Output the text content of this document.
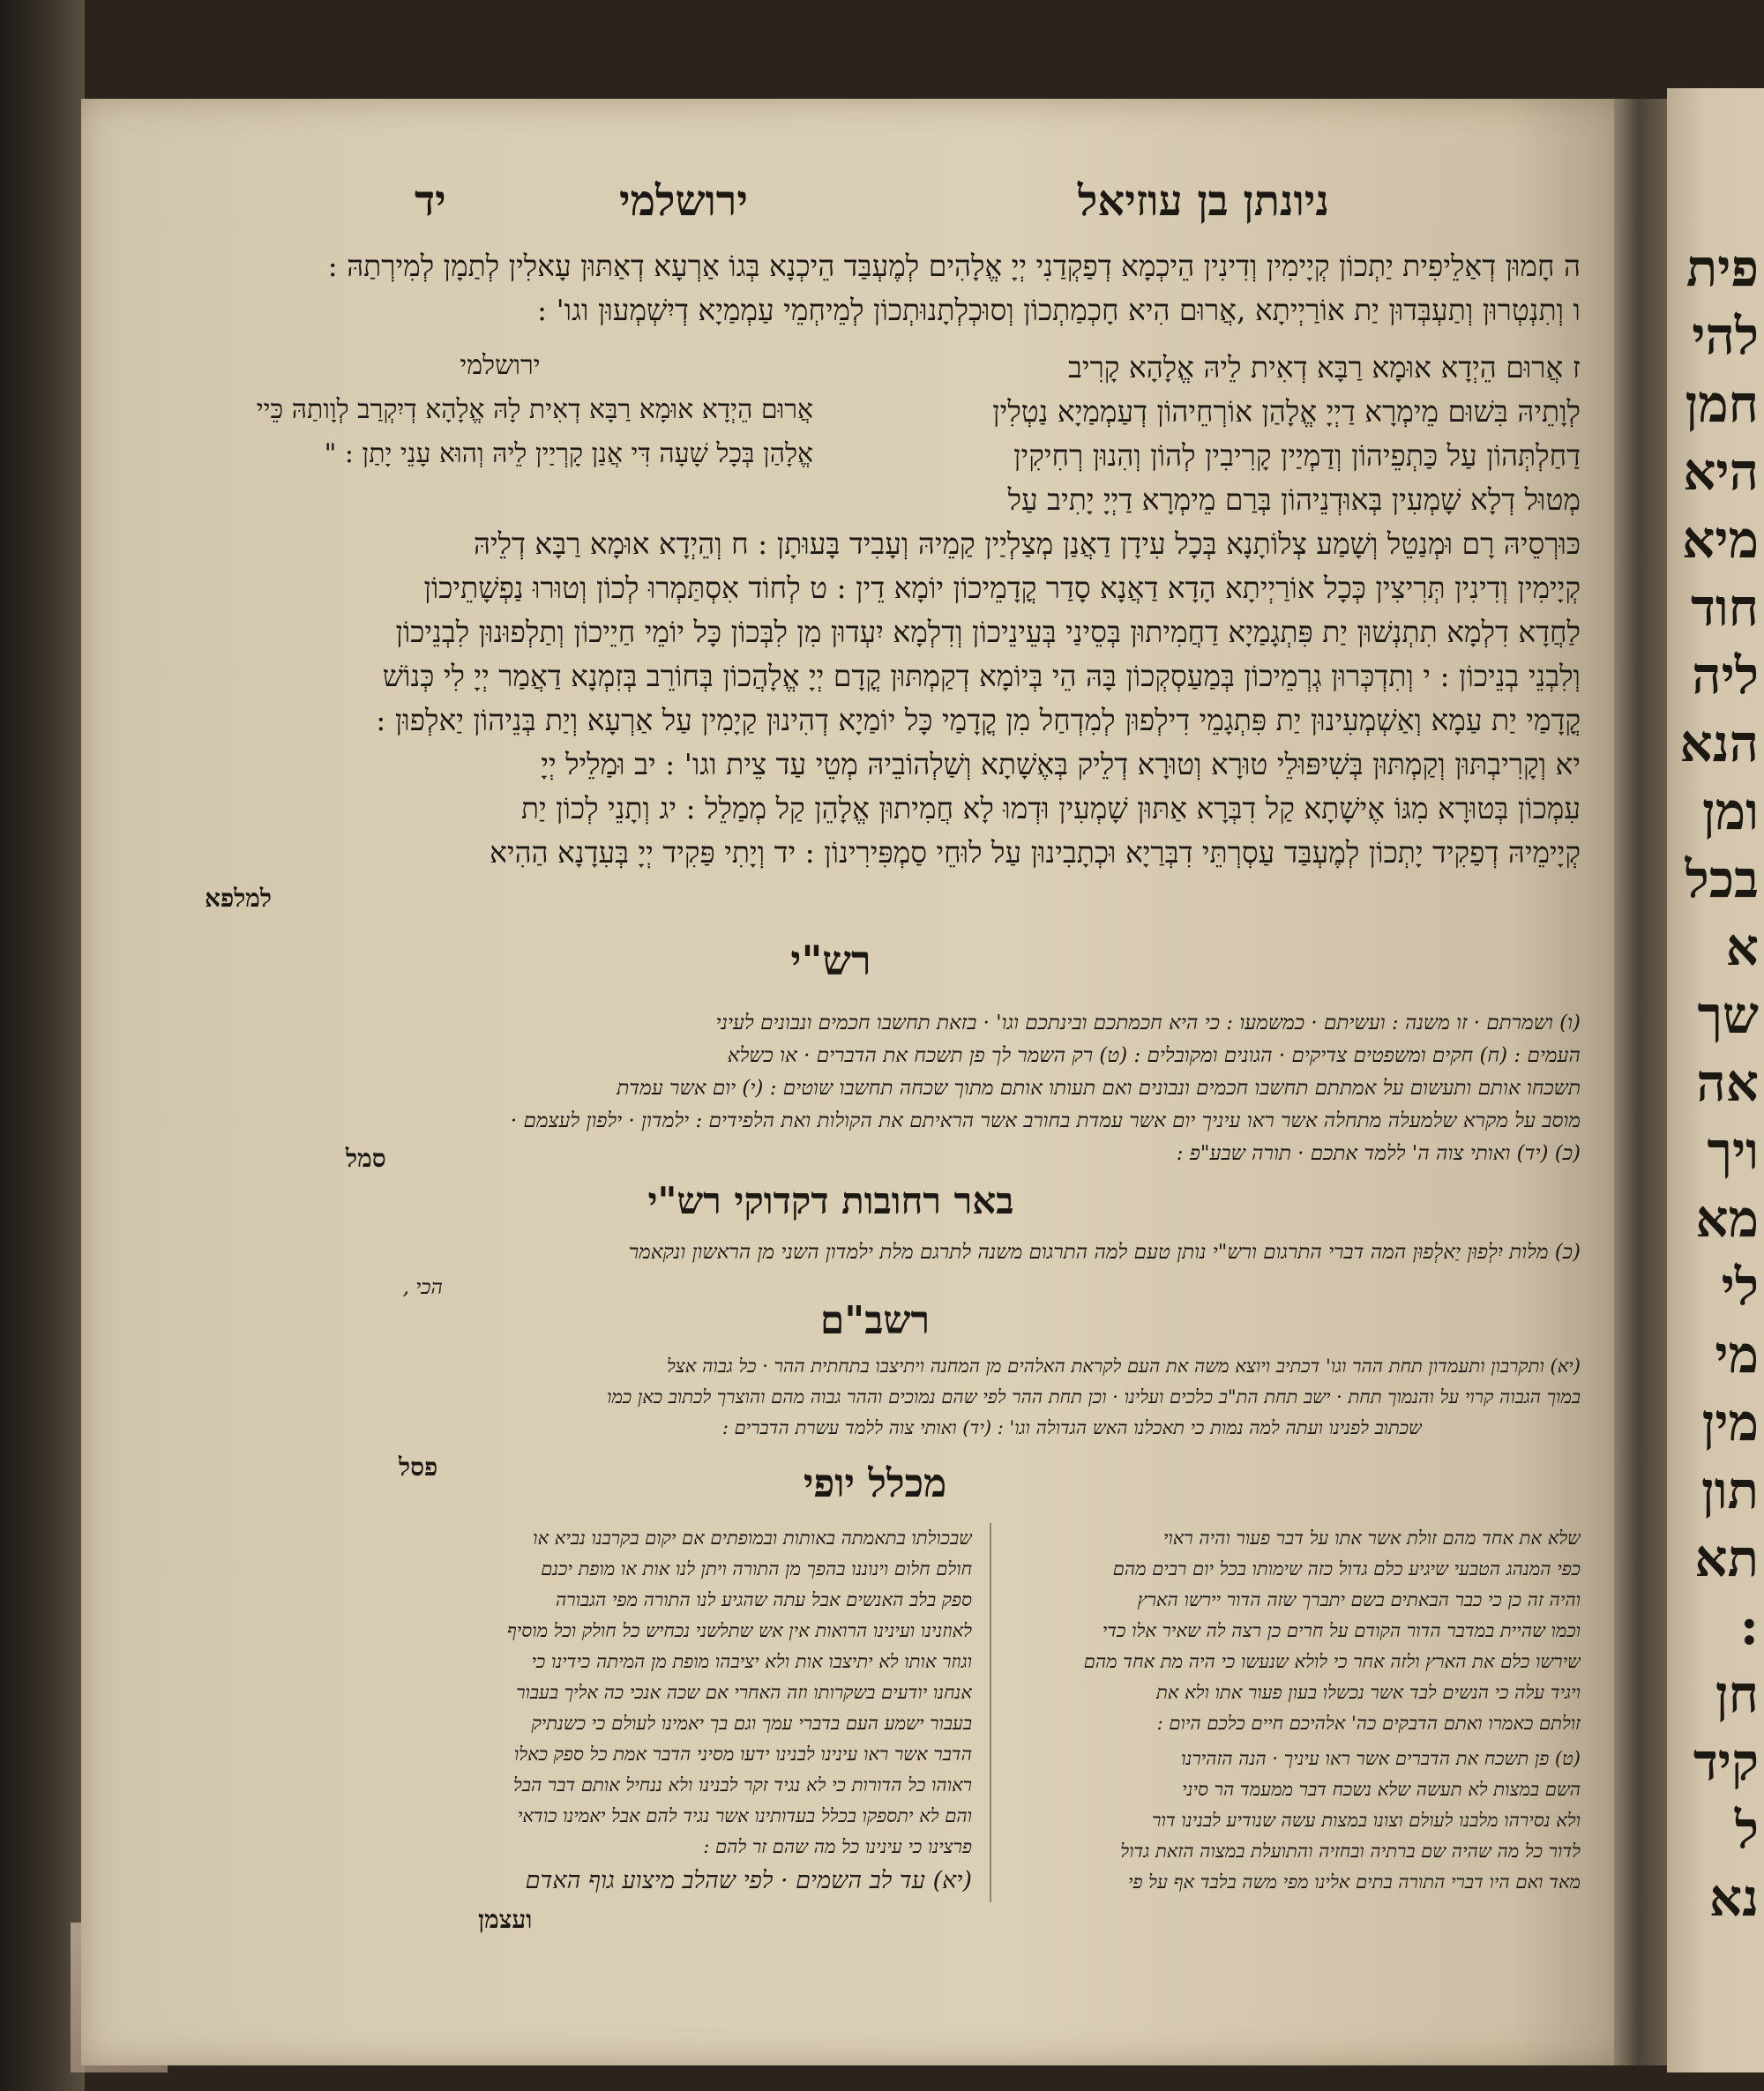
ניונתן בן עוזיאל
ירושלמי
יד
ה חָמוּן דְאַלֵיפִית יַתְכוֹן קְיָימִין וְדִינִין הֵיכְמָא דְפַקְדַנִי יְיָ אֱלָהִים לְמֶעְבַּד הֵיכְנָא בְּגוֹ אַרְעָא דְאַתּוּן עָאלִין לְתַמָן לְמִירְתַהּ :
ו וְתִנְטְרוּן וְתַעְבְּדוּן יַת אוֹרַיְיתָא ,אֲרוּם הִיא חָכְמַתְכוֹן וְסוּכְלְתָנוּתְכוֹן לְמֵיחְמֵי עַמְמַיָא דְיִשְׁמְעוּן וגו' :
ירושלמי
אֲרוּם הֵיְדָא אוּמָא רַבָּא דְאִית לָהּ אֱלָהָא דְיִקְרַב לְוָותַהּ כֵּיי
אֱלָהַן בְּכָל שָׁעָה דִּי אֲנַן קָרְיַין לֵיהּ וְהוּא עָנֵי יָתַן : "
ז אֲרוּם הֵיְדָא אוּמָא רַבָּא דְאִית לֵיהּ אֱלָהָא קָרִיב
לְוָתֵיהּ בִּשׁוּם מֵימְרָא דַיְיָ אֱלָהַן אוֹרְחֵיהוֹן דְעַמְמַיָא נַטְלִין
דַחַלְתְּהוֹן עַל כַּתְפֵיהוֹן וְדַמְיַין קָרִיבִין לְהוֹן וְהִנוּן רְחִיקִין
מְטוּל דְלָא שָׁמְעִין בְּאוּדְנֵיהוֹן בְּרַם מֵימְרָא דַיְיָ יָתִיב עַל
כּוּרְסֵיהּ רָם וּמְנַטֵל וְשָׁמַע צְלוֹתָנָא בְּכָל עִידָן דַאֲנַן מְצַלְיַין קַמֵיהּ וְעָבִיד בָּעוּתָן : ח וְהֵיְדָא אוּמָא רַבָּא דְלֵיהּ
קְיָימִין וְדִינִין תְּרִיצִין כְּכָל אוֹרַיְיתָא הָדָא דַאֲנָא סָדַר קֳדָמֵיכוֹן יוֹמָא דֵין : ט לְחוֹד אִסְתַּמְרוּ לְכוֹן וְטוּרוּ נַפְשָׁתֵיכוֹן
לַחֲדָא דִלְמָא תִתְנְשׁוּן יַת פִּתְגָמַיָא דַחֲמִיתוּן בְּסֵינַי בְּעֵינֵיכוֹן וְדִלְמָא יִעְדוּן מִן לִבְּכוֹן כָּל יוֹמֵי חַיֵיכוֹן וְתַלְפוּנוּן לִבְנֵיכוֹן
וְלִבְנֵי בְנֵיכוֹן : י וְתִדְכְּרוּן גְרְמֵיכוֹן בְּמַעַסְקְכוֹן בָּהּ הֵי בְּיוֹמָא דְקַמְתּוּן קֳדָם יְיָ אֱלָהֲכוֹן בְּחוֹרֵב בְּזִמְנָא דַאֲמַר יְיָ לִי כְּנוֹשׁ
קֳדָמַי יַת עַמָא וְאַשְׁמְעִינוּן יַת פִּתְגָמֵי דִילְפוּן לְמִדְחַל מִן קֳדָמַי כָּל יוֹמַיָא דְהִינוּן קַיָמִין עַל אַרְעָא וְיַת בְּנֵיהוֹן יַאלְפוּן :
יא וְקָרִיבְתּוּן וְקַמְתּוּן בְּשִׁיפּוּלֵי טוּרָא וְטוּרָא דְלֵיק בְּאֶשָׁתָא וְשַׁלְהוֹבֵיהּ מְטֵי עַד צֵית וגו' : יב וּמַלֵיל יְיָ
עִמְכוֹן בְּטוּרָא מִגּוֹ אֶישָׁתָא קַל דִבְּרָא אַתּוּן שָׁמְעִין וּדְמוּ לָא חֲמִיתוּן אֱלָהֵן קַל מְמַלֵל : יג וְתָנֵי לְכוֹן יַת
קְיָימֵיהּ דְפַקִיד יָתְכוֹן לְמֶעְבַּד עַסְרְתֵּי דִבְּרַיָא וּכְתָבִינוּן עַל לוּחֵי סַמְפִּירִינוֹן : יד וְיָתִי פַּקִיד יְיָ בְּעִדָנָא הַהִיא
למלפא
רש"י
(ו) ושמרתם · זו משנה : ועשיתם · כמשמעו : כי היא חכמתכם ובינתכם וגו' · בזאת תחשבו חכמים ונבונים לעיני
העמים : (ח) חקים ומשפטים צדיקים · הגונים ומקובלים : (ט) רק השמר לך פן תשכח את הדברים · או כשלא
תשכחו אותם ותעשום על אמתתם תחשבו חכמים ונבונים ואם תעותו אותם מתוך שכחה תחשבו שוטים : (י) יום אשר עמדת
מוסב על מקרא שלמעלה מתחלה אשר ראו עיניך יום אשר עמדת בחורב אשר הראיתם את הקולות ואת הלפידים : ילמדון · ילפון לעצמם ·
(כ) (יד) ואותי צוה ה' ללמד אתכם · תורה שבע"פ :
סמל
באר רחובות דקדוקי רש"י
(כ) מלות יִלְפוּן יַאלְפוּן המה דברי התרגום ורש"י נותן טעם למה התרגום משנה לתרגם מלת ילמדון השני מן הראשון ונקאמר
הכי ,
רשב"ם
(יא) ותקרבון ותעמדון תחת ההר וגו' דכתיב ויוצא משה את העם לקראת האלהים מן המחנה ויתיצבו בתחתית ההר · כל גבוה אצל
במוך הגבוה קרוי על והנמוך תחת · ישב תחת הת"ב כלכים ועלינו · וכן תחת ההר לפי שהם נמוכים וההר גבוה מהם והוצרך לכתוב כאן כמו
שכתוב לפנינו ועתה למה נמות כי תאכלנו האש הגדולה וגו' : (יד) ואותי צוה ללמד עשרת הדברים :
פסל	מכלל יופי
שלא את אחד מהם זולת אשר אתו על דבר פעור והיה ראוי
כפי המנהג הטבעי שיגיע כלם גדול כזה שימותו בכל יום רבים מהם
והיה זה כן כי כבר הבאתים בשם יתברך שזה הדור יירשו הארץ
וכמו שהיית במדבר הדור הקודם על חרים כן רצה לה שאיר אלו כדי
שירשו כלם את הארץ ולזה אחר כי לולא שנעשו כי היה מת אחד מהם
ויגיד עלה כי הנשים לבד אשר נכשלו בעון פעור אתו ולא את
זולתם כאמרו ואתם הדבקים כה' אלהיכם חיים כלכם היום :
(ט) פן תשכח את הדברים אשר ראו עיניך · הנה הזהירנו
השם במצות לא תעשה שלא נשכח דבר ממעמד הר סיני
ולא נסירהו מלבנו לעולם וצונו במצות עשה שנודיע לבנינו דור
לדור כל מה שהיה שם ברתיה ובחזיה והתועלת במצוה הזאת גדול
מאד ואם היו דברי התורה בתים אלינו מפי משה בלבד אף על פי
שבכולתו בתאמתה באותות ובמופתים אם יקום בקרבנו נביא או
חולם חלום וינוננו בהפך מן התורה ויתן לנו אות או מופת יכנם
ספק בלב האנשים אבל עתה שהגיע לנו התורה מפי הגבורה
לאוזנינו ועינינו הרואות אין אש שתלשני נכחיש כל חולק וכל מוסיף
וגוזר אותו לא יתיצבו אות ולא יציבהו מופת מן המיתה כידינו כי
אנחנו יודעים בשקרותו וזה האחרי אם שכה אנכי כה אליך בעבור
בעבור ישמע העם בדברי עמך וגם בך יאמינו לעולם כי כשנתיק
הדבר אשר ראו עינינו לבנינו ידעו מסיני הדבר אמת כל ספק כאלו
ראוהו כל הדורות כי לא נגיד זקר לבנינו ולא ננחיל אותם דבר הבל
והם לא יתספקו בכלל בעדותינו אשר נגיד להם אבל יאמינו כודאי
פרצינו כי עינינו כל מה שהם זר להם :
(יא) עד לב השמים · לפי שהלב מיצוע גוף האדם
ועצמן
פית
להי
חמן
היא
מיא
חוד
ליה
הנא
ומן
בכל
א
שך
אה
ויך
מא
לי
מי
מין
תון
תא
:
חן
קיד
ל
נא
